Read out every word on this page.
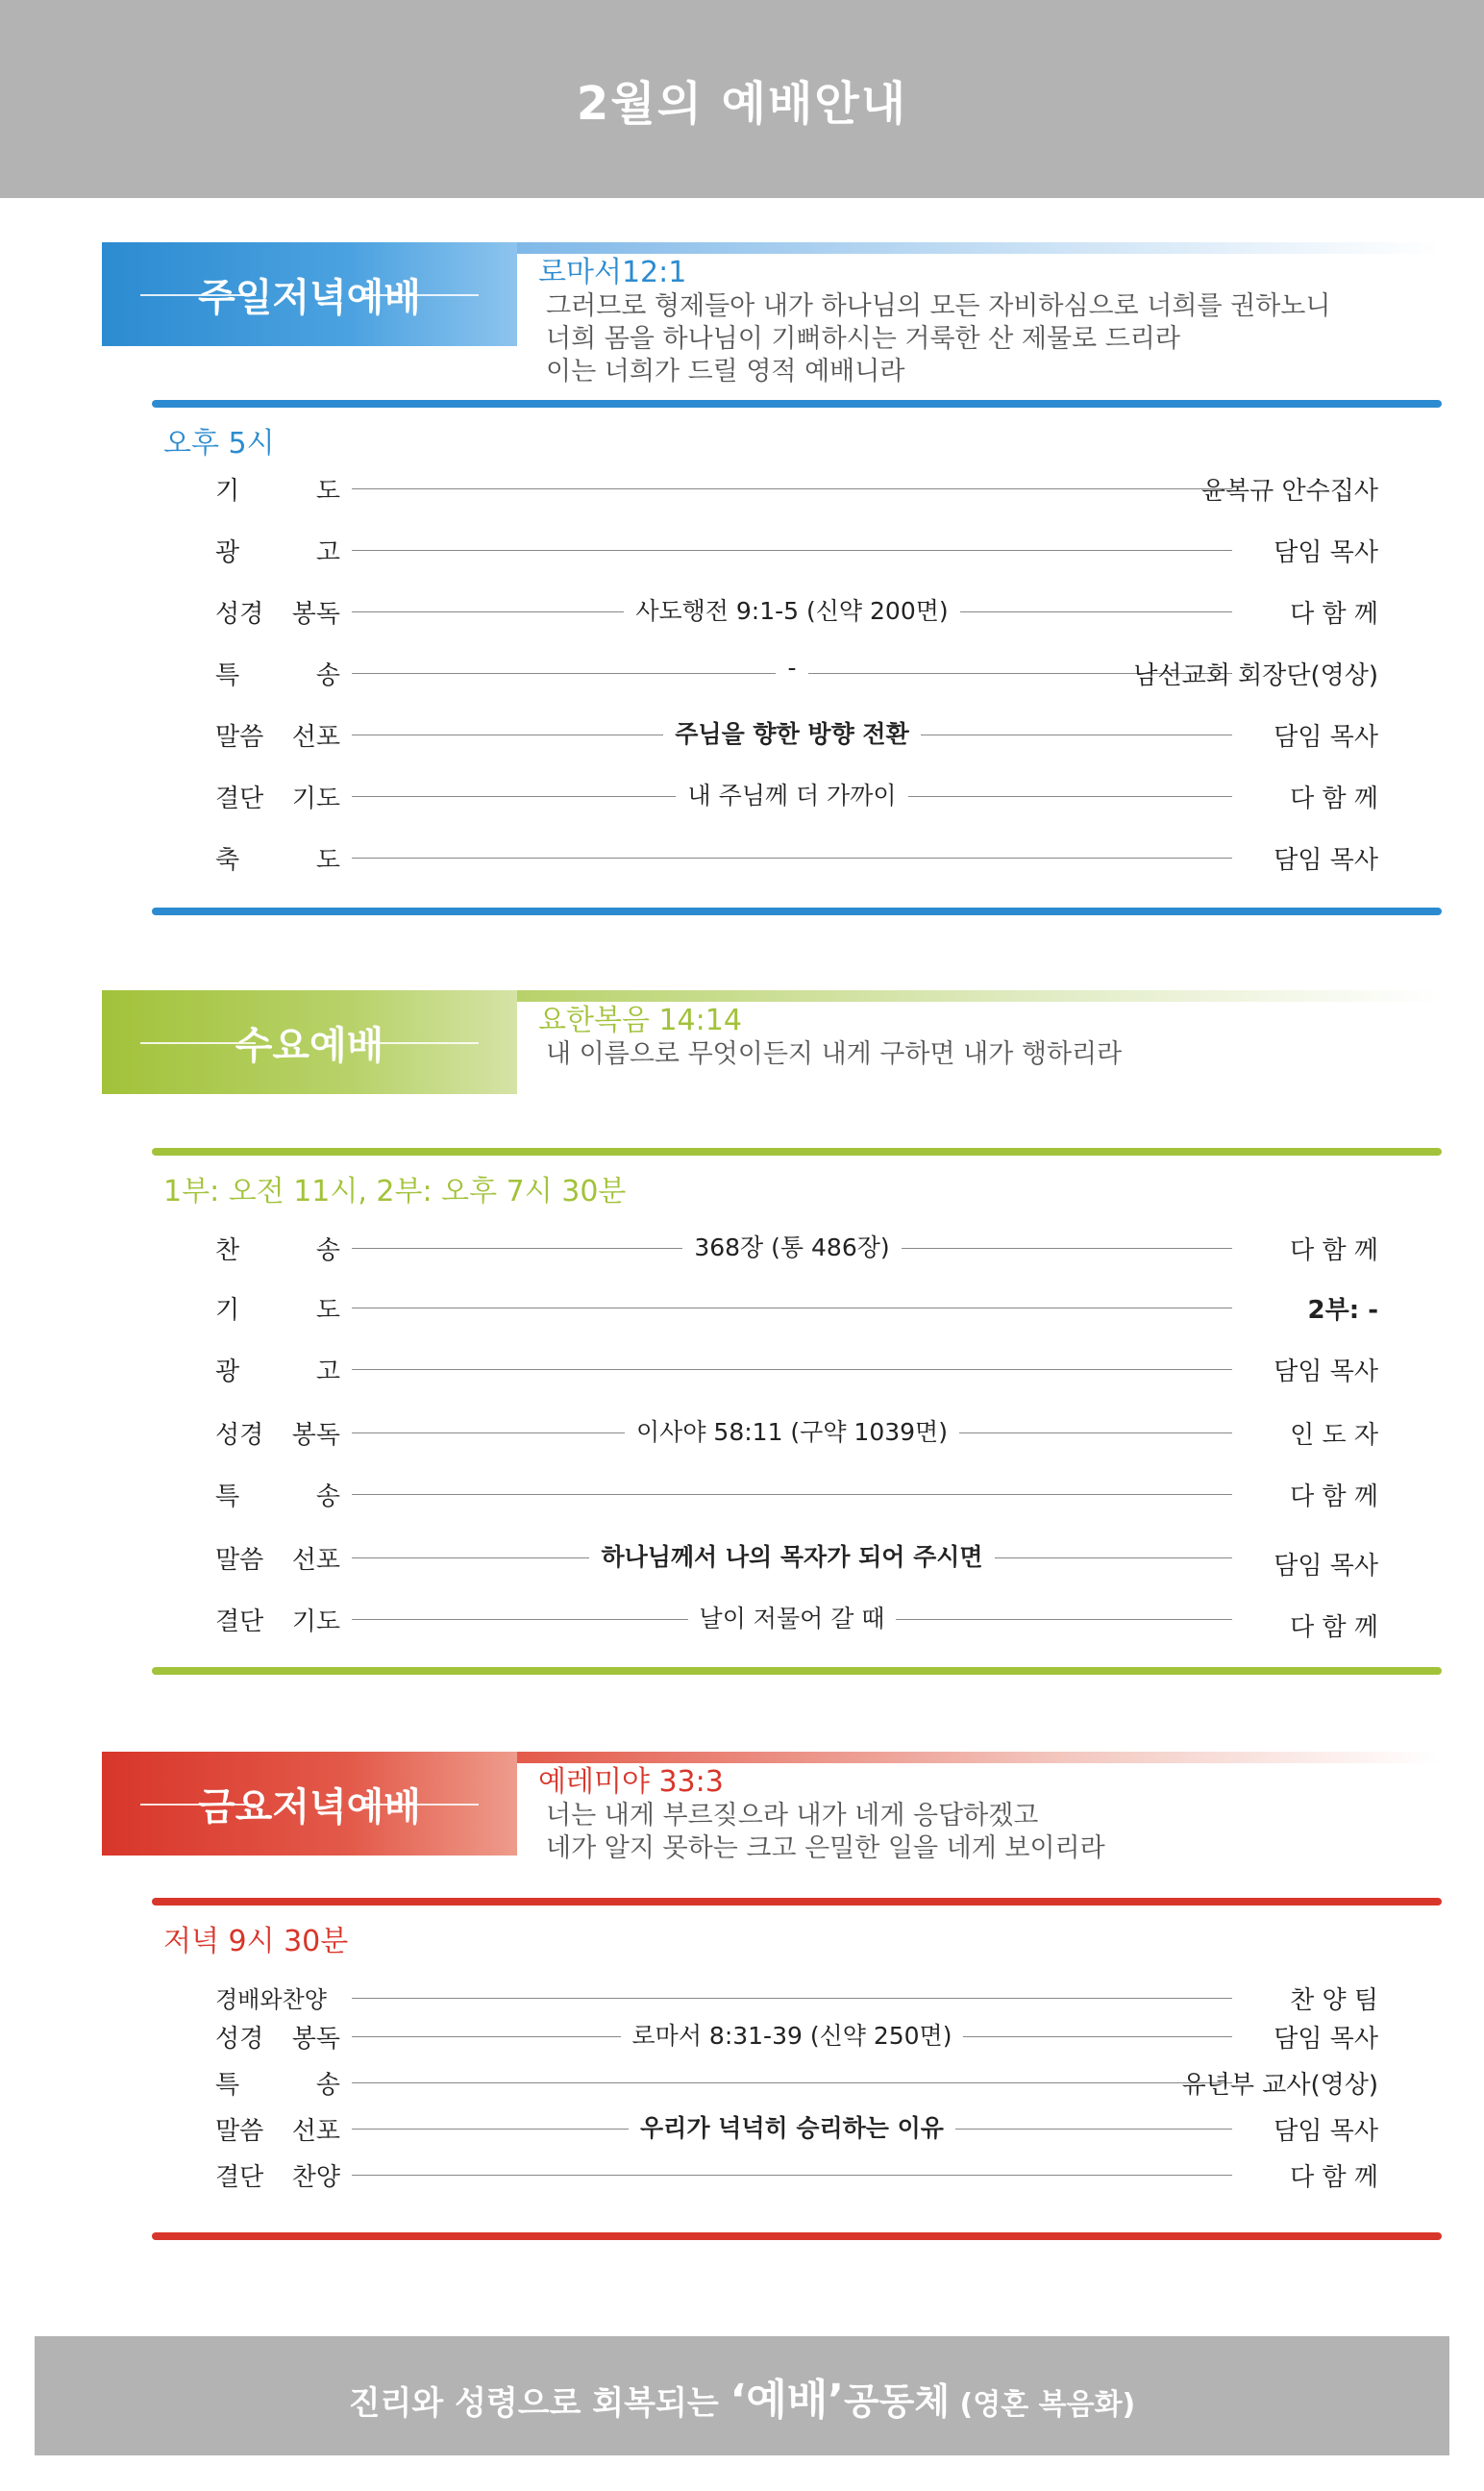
2월의 예배안내
주일저녁예배
로마서12:1
그러므로 형제들아 내가 하나님의 모든 자비하심으로 너희를 권하노니
너희 몸을 하나님이 기뻐하시는 거룩한 산 제물로 드리라
이는 너희가 드릴 영적 예배니라
오후 5시
기	도	윤복규 안수집사
광	고	담임 목사
성경 봉독	사도행전 9:1-5 (신약 200면)	다 함 께
특	송	-	남선교회 회장단(영상)
말씀 선포	주님을 향한 방향 전환	담임 목사
결단 기도	내 주님께 더 가까이	다 함 께
축	도	담임 목사
수요예배
요한복음 14:14
내 이름으로 무엇이든지 내게 구하면 내가 행하리라
1부: 오전 11시, 2부: 오후 7시 30분
찬	송	368장 (통 486장)	다 함 께
기	도	2부: -
광	고	담임 목사
성경 봉독	이사야 58:11 (구약 1039면)	인 도 자
특	송	다 함 께
말씀 선포	하나님께서 나의 목자가 되어 주시면	담임 목사
결단 기도	날이 저물어 갈 때	다 함 께
금요저녁예배
예레미야 33:3
너는 내게 부르짖으라 내가 네게 응답하겠고
네가 알지 못하는 크고 은밀한 일을 네게 보이리라
저녁 9시 30분
경배와찬양	찬 양 팀
성경 봉독	로마서 8:31-39 (신약 250면)	담임 목사
특	송	유년부 교사(영상)
말씀 선포	우리가 넉넉히 승리하는 이유	담임 목사
결단 찬양	다 함 께
진리와 성령으로 회복되는 ‘예배’공동체 (영혼 복음화)
